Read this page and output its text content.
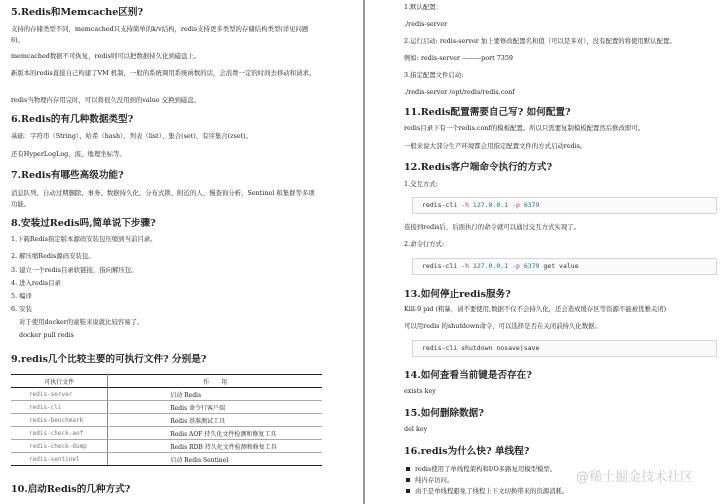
5.Redis和Memcache区别?
支持的存储类型不同，memcached只支持简单的k/v结构，redis支持更多类型的存储结构类型(详见问题6)。
memcached数据不可恢复，redis则可以把数据持久化到磁盘上。
新版本的redis直接自己构建了VM 机制，一般的系统调用系统函数的话，会浪费一定的时间去移动和请求。
redis当物理内存用完时，可以将很久没用到的value 交换到磁盘。
6.Redis的有几种数据类型?
基础：字符串（String）、哈希（hash）、列表（list）、集合(set)、有序集合(zset)。
还有HyperLogLog、流、地理坐标等。
7.Redis有哪些高级功能?
消息队列、自动过期删除、事务、数据持久化、分布式锁、附近的人、慢查询分析、Sentinel 和集群等多项功能。
8.安装过Redis吗,简单说下步骤?
1.下载Redis指定版本源码安装包压缩到当前目录。
2. 解压缩Redis源码安装包。
3. 建立一个redis目录软链接，指向解压包。
4. 进入redis目录
5. 编译
6. 安装
对于使用docker的童鞋来说就比较容易了。
docker pull redis
9.redis几个比较主要的可执行文件? 分别是?
可执行文件	作　　用
redis-server	启动 Redis
redis-cli	Redis 命令行客户端
redis-benchmark	Redis 基准测试工具
redis-check-aof	Redis AOF 持久化文件检测和修复工具
redis-check-dump	Redis RDB 持久化文件检测和修复工具
redis-sentinel	启动 Redis Sentinel
10.启动Redis的几种方式?
1.默认配置：
./redis-server
2.运行启动: redis-server 加上要修改配置名和值（可以是多对），没有配置的将使用默认配置。
例如: redis-server ———port 7359
3.指定配置文件启动:
./redis-server /opt/redis/redis.conf
11.Redis配置需要自己写? 如何配置?
redis目录下有一个redis.conf的模板配置。所以只需要复制模板配置然后修改即可。
一般来说大部分生产环境都会用指定配置文件的方式启动redis。
12.Redis客户端命令执行的方式?
1.交互方式:
redis-cli -h 127.0.0.1 -p 6379
连接到redis后，后面执行的命令就可以通过交互方式实现了。
2.命令行方式:
redis-cli -h 127.0.0.1 -p 6379 get value
13.如何停止redis服务?
Kill-9 pid (粗暴，请不要使用,数据不仅不会持久化，还会造成缓存区等资源不能被优雅关闭)
可以用redis 的shutdown命令，可以选择是否在关闭前持久化数据。
redis-cli shutdown nosave|save
14.如何查看当前键是否存在?
exists key
15.如何删除数据?
del key
16.redis为什么快? 单线程?
redis使用了单线程架构和I/O多路复用模型模型。
纯内存访问。
由于是单线程避免了线程上下文切换带来的资源消耗。
@稀土掘金技术社区
